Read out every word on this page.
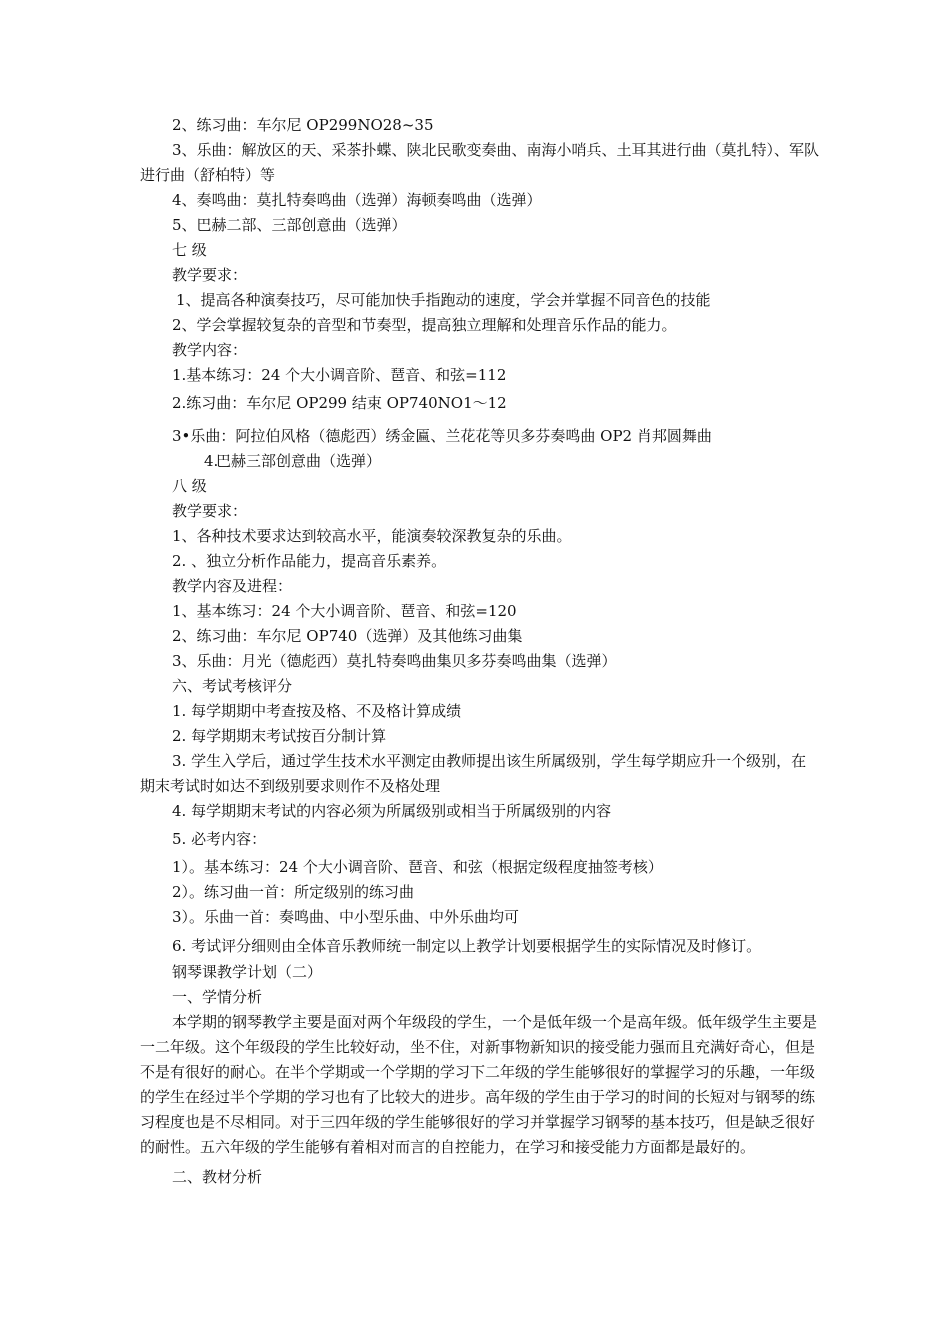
2、练习曲：车尔尼 OP299NO28~35

3、乐曲：解放区的天、采茶扑蝶、陕北民歌变奏曲、南海小哨兵、土耳其进行曲（莫扎特）、军队进行曲（舒柏特）等

4、奏鸣曲：莫扎特奏鸣曲（选弹）海顿奏鸣曲（选弹）

5、巴赫二部、三部创意曲（选弹）

七 级

教学要求：

1、提高各种演奏技巧，尽可能加快手指跑动的速度，学会并掌握不同音色的技能

2、学会掌握较复杂的音型和节奏型，提高独立理解和处理音乐作品的能力。

教学内容：

1.基本练习：24 个大小调音阶、琶音、和弦=112

2.练习曲：车尔尼 OP299 结束 OP740NO1〜12

3•乐曲：阿拉伯风格（德彪西）绣金匾、兰花花等贝多芬奏鸣曲 OP2 肖邦圆舞曲

4.巴赫三部创意曲（选弹）

八 级

教学要求：

1、各种技术要求达到较高水平，能演奏较深教复杂的乐曲。

2. 、独立分析作品能力，提高音乐素养。

教学内容及进程：

1、基本练习：24 个大小调音阶、琶音、和弦=120

2、练习曲：车尔尼 OP740（选弹）及其他练习曲集

3、乐曲：月光（德彪西）莫扎特奏鸣曲集贝多芬奏鸣曲集（选弹）

六、考试考核评分

1. 每学期期中考查按及格、不及格计算成绩

2. 每学期期末考试按百分制计算

3. 学生入学后，通过学生技术水平测定由教师提出该生所属级别，学生每学期应升一个级别，在期末考试时如达不到级别要求则作不及格处理

4. 每学期期末考试的内容必须为所属级别或相当于所属级别的内容

5. 必考内容：

1）。基本练习：24 个大小调音阶、琶音、和弦（根据定级程度抽签考核）

2）。练习曲一首：所定级别的练习曲

3）。乐曲一首：奏鸣曲、中小型乐曲、中外乐曲均可

6. 考试评分细则由全体音乐教师统一制定以上教学计划要根据学生的实际情况及时修订。

钢琴课教学计划（二）

一、学情分析

本学期的钢琴教学主要是面对两个年级段的学生，一个是低年级一个是高年级。低年级学生主要是一二年级。这个年级段的学生比较好动，坐不住，对新事物新知识的接受能力强而且充满好奇心，但是不是有很好的耐心。在半个学期或一个学期的学习下二年级的学生能够很好的掌握学习的乐趣，一年级的学生在经过半个学期的学习也有了比较大的进步。高年级的学生由于学习的时间的长短对与钢琴的练习程度也是不尽相同。对于三四年级的学生能够很好的学习并掌握学习钢琴的基本技巧，但是缺乏很好的耐性。五六年级的学生能够有着相对而言的自控能力，在学习和接受能力方面都是最好的。

二、教材分析
